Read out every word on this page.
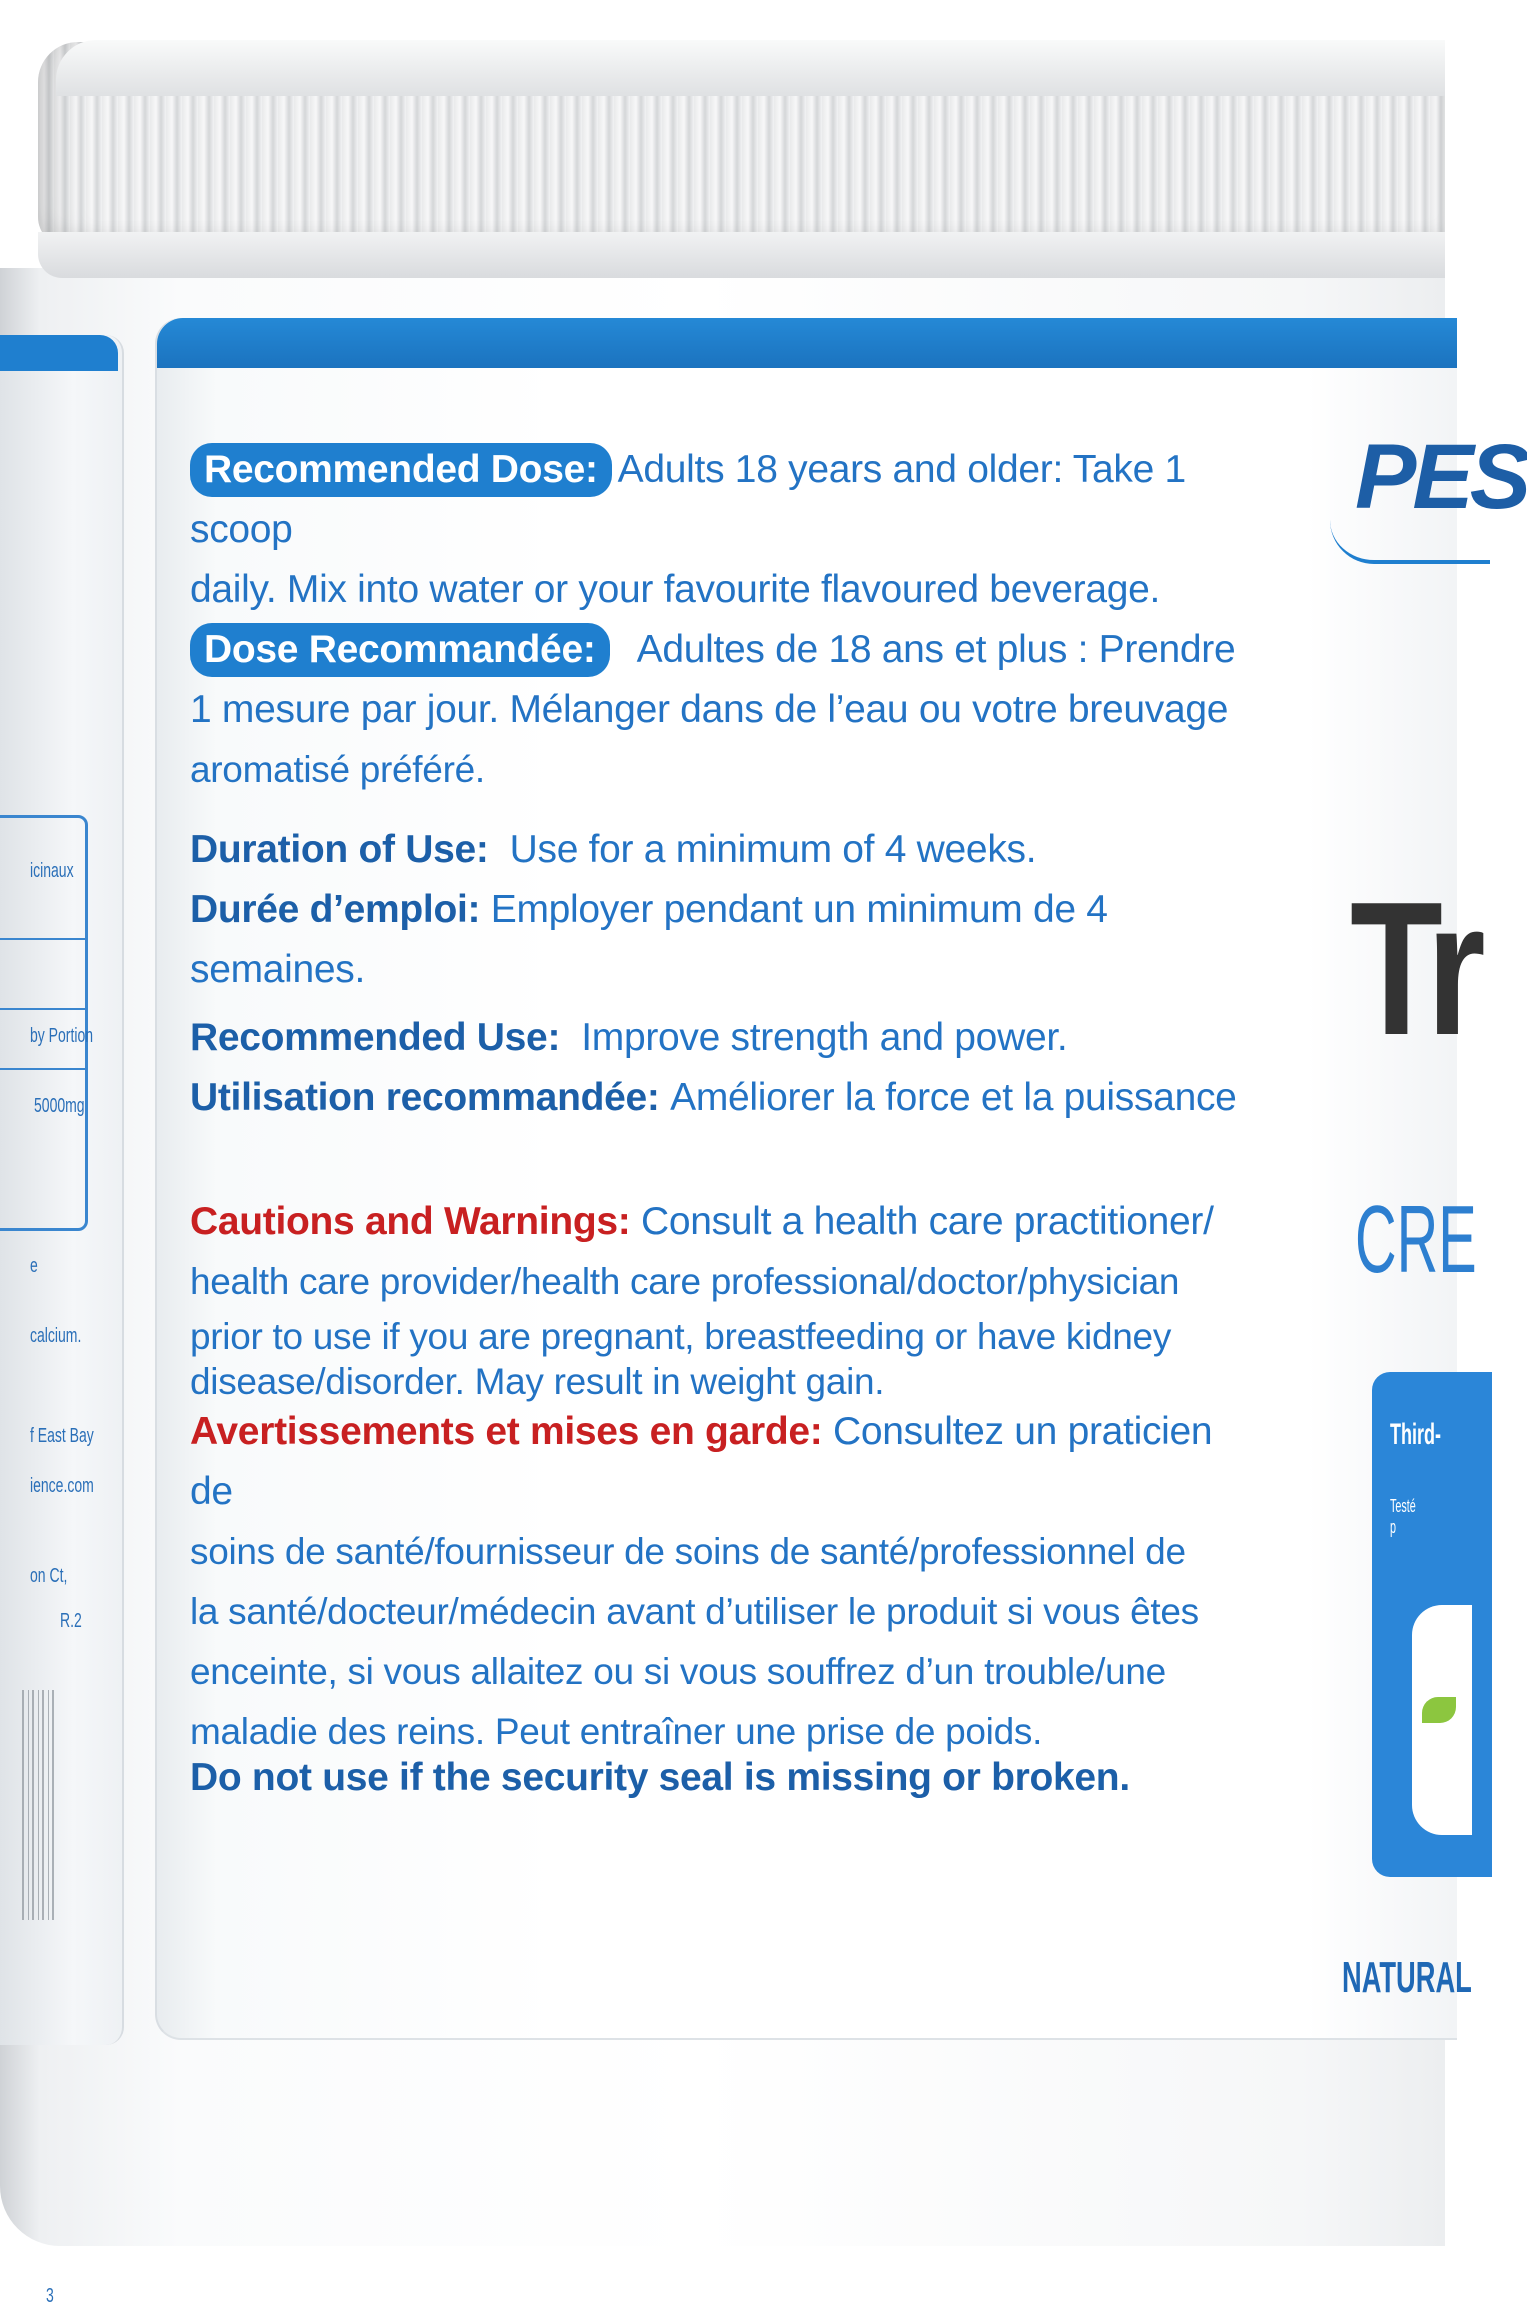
icinaux
by Portion
5000mg
e
calcium.
f East Bay
ience.com
on Ct,
R.2
3

Recommended Dose: Adults 18 years and older: Take 1 scoop

daily. Mix into water or your favourite flavoured beverage.

Dose Recommandée: Adultes de 18 ans et plus : Prendre

1 mesure par jour. Mélanger dans de l’eau ou votre breuvage

aromatisé préféré.

Duration of Use: Use for a minimum of 4 weeks.

Durée d’emploi: Employer pendant un minimum de 4 semaines.

Recommended Use: Improve strength and power.

Utilisation recommandée: Améliorer la force et la puissance

Cautions and Warnings: Consult a health care practitioner/

health care provider/health care professional/doctor/physician

prior to use if you are pregnant, breastfeeding or have kidney

disease/disorder. May result in weight gain.

Avertissements et mises en garde: Consultez un praticien de

soins de santé/fournisseur de soins de santé/professionnel de

la santé/docteur/médecin avant d’utiliser le produit si vous êtes

enceinte, si vous allaitez ou si vous souffrez d’un trouble/une

maladie des reins. Peut entraîner une prise de poids.

Do not use if the security seal is missing or broken.

PES
Tr
CRE
Third-
Testé p
NATURAL
